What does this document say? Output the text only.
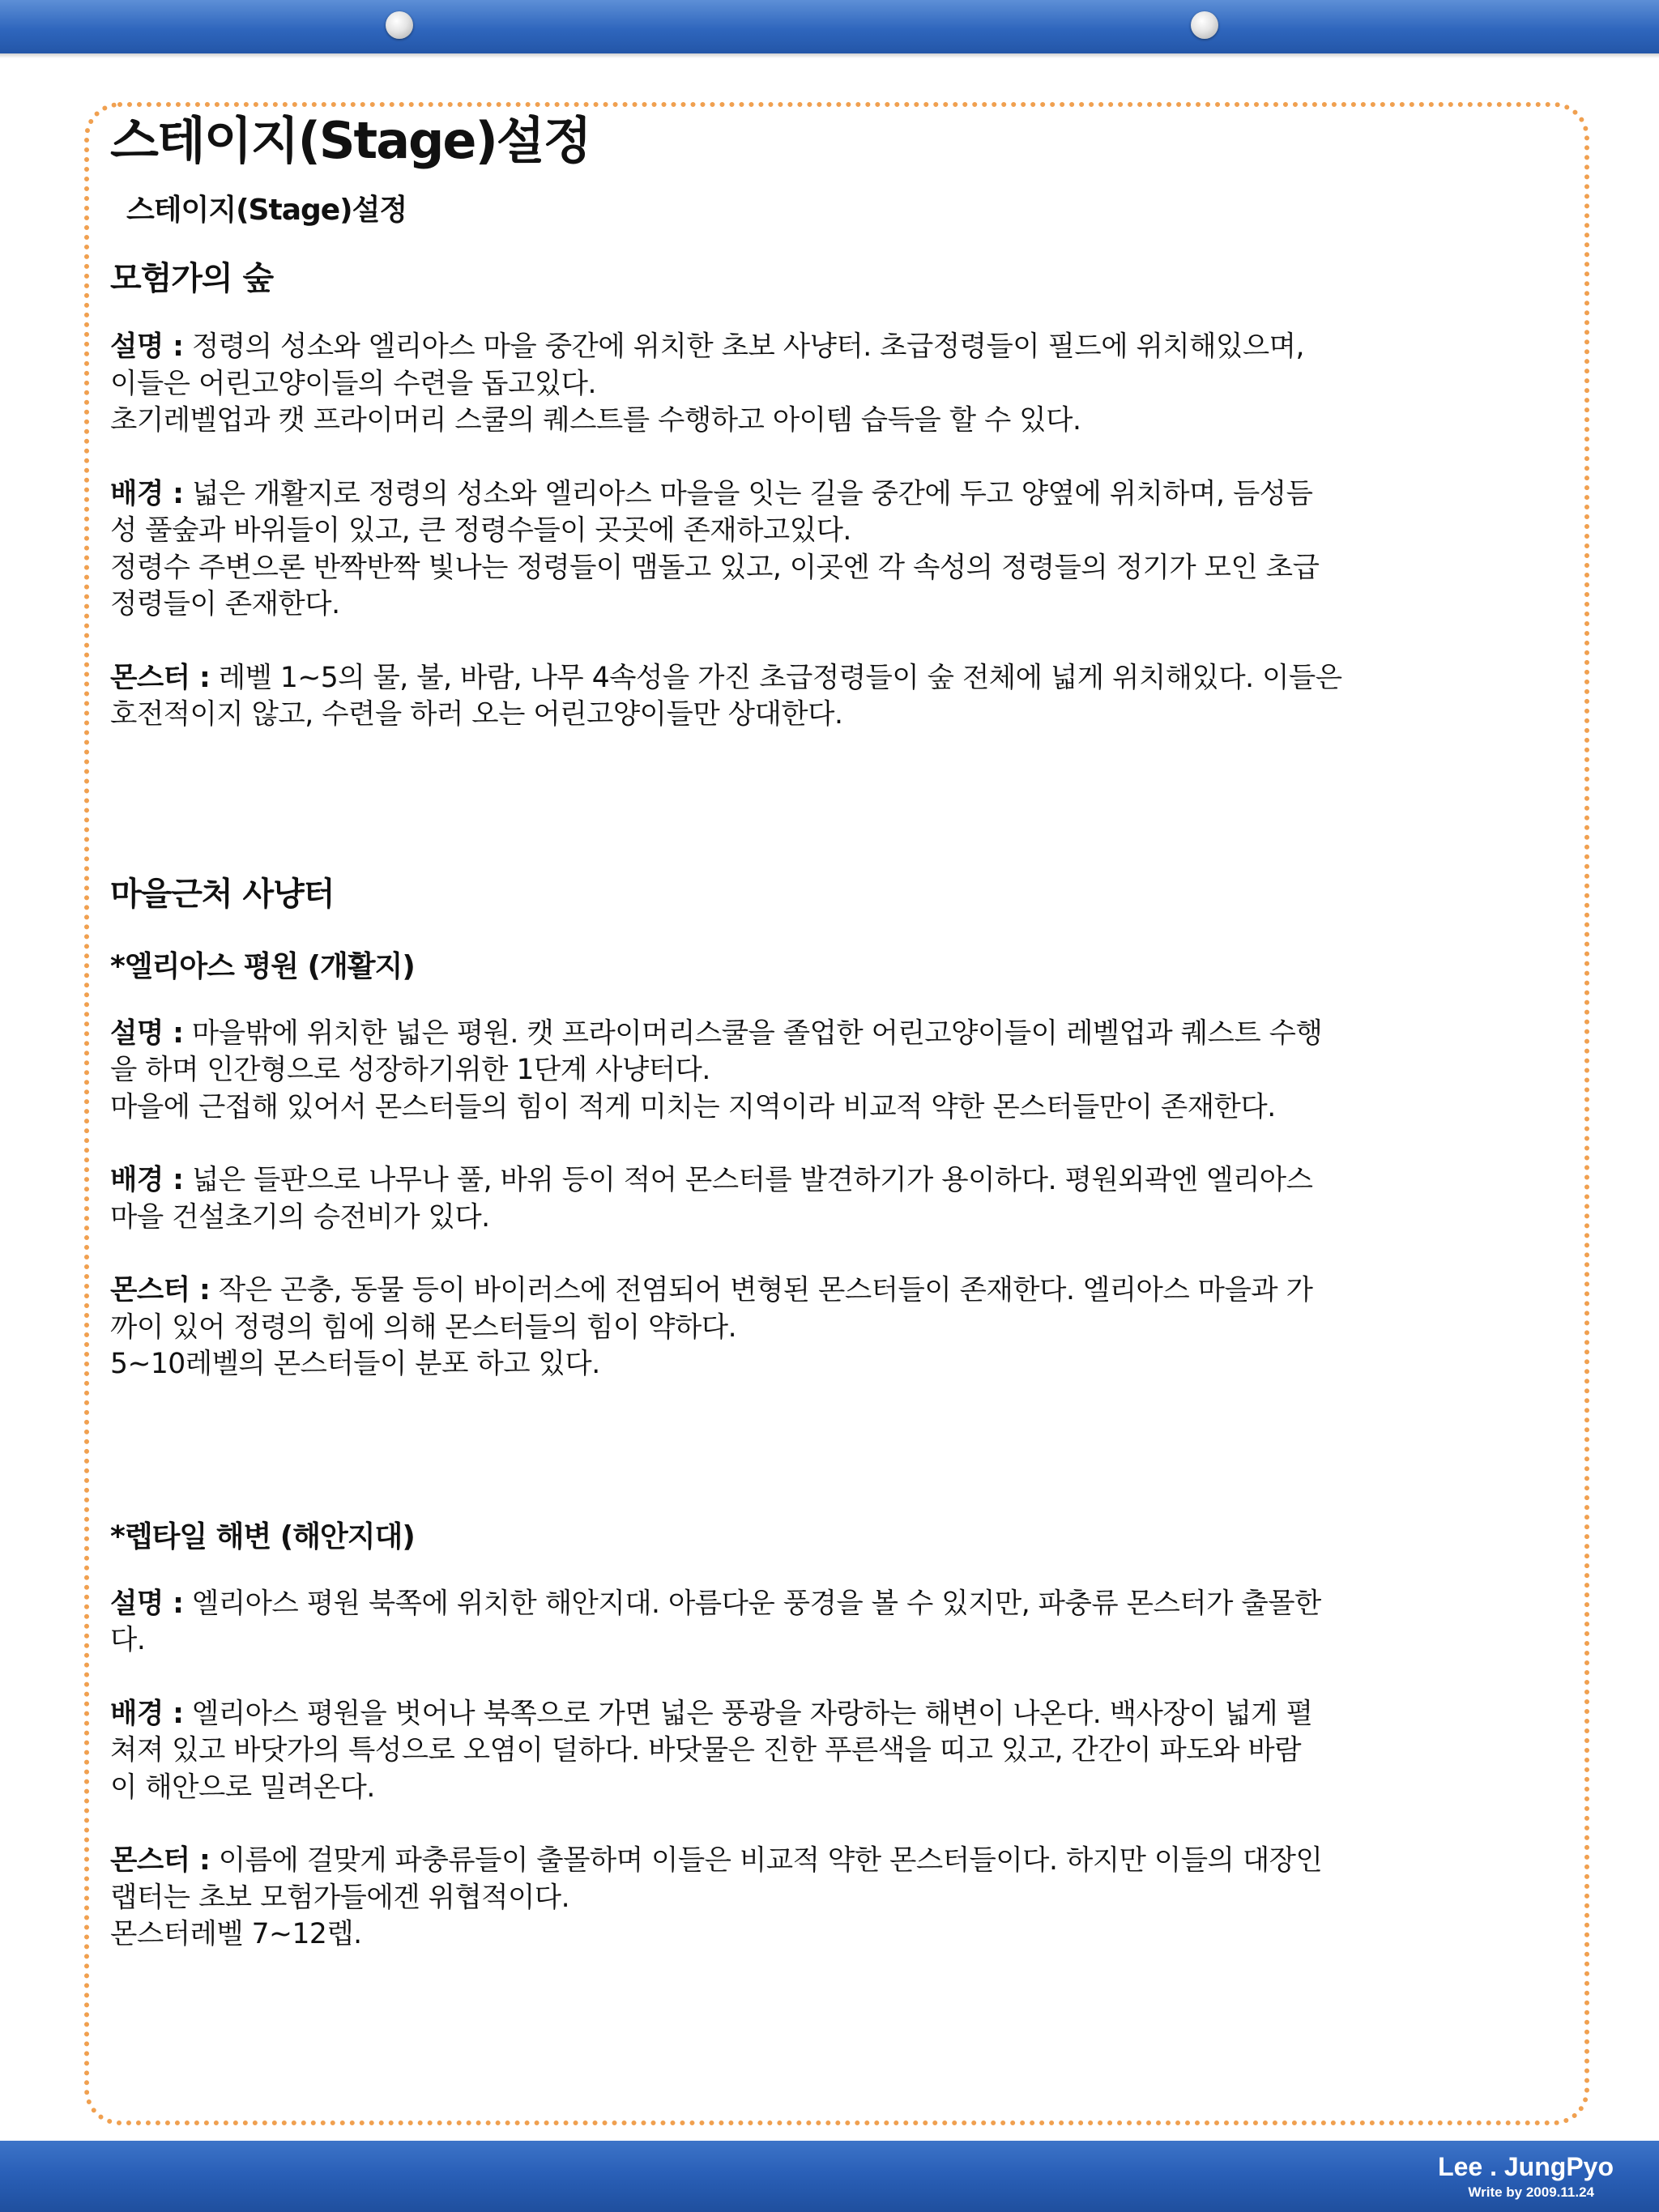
스테이지(Stage)설정
스테이지(Stage)설정
모험가의 숲

설명 : 정령의 성소와 엘리아스 마을 중간에 위치한 초보 사냥터. 초급정령들이 필드에 위치해있으며,
이들은 어린고양이들의 수련을 돕고있다.
초기레벨업과 캣 프라이머리 스쿨의 퀘스트를 수행하고 아이템 습득을 할 수 있다.

배경 : 넓은 개활지로 정령의 성소와 엘리아스 마을을 잇는 길을 중간에 두고 양옆에 위치하며, 듬성듬
성 풀숲과 바위들이 있고, 큰 정령수들이 곳곳에 존재하고있다.
정령수 주변으론 반짝반짝 빛나는 정령들이 맴돌고 있고, 이곳엔 각 속성의 정령들의 정기가 모인 초급
정령들이 존재한다.

몬스터 : 레벨 1~5의 물, 불, 바람, 나무 4속성을 가진 초급정령들이 숲 전체에 넓게 위치해있다. 이들은
호전적이지 않고, 수련을 하러 오는 어린고양이들만 상대한다.

마을근처 사냥터
*엘리아스 평원 (개활지)

설명 : 마을밖에 위치한 넓은 평원. 캣 프라이머리스쿨을 졸업한 어린고양이들이 레벨업과 퀘스트 수행
을 하며 인간형으로 성장하기위한 1단계 사냥터다.
마을에 근접해 있어서 몬스터들의 힘이 적게 미치는 지역이라 비교적 약한 몬스터들만이 존재한다.

배경 : 넓은 들판으로 나무나 풀, 바위 등이 적어 몬스터를 발견하기가 용이하다. 평원외곽엔 엘리아스
마을 건설초기의 승전비가 있다.

몬스터 : 작은 곤충, 동물 등이 바이러스에 전염되어 변형된 몬스터들이 존재한다. 엘리아스 마을과 가
까이 있어 정령의 힘에 의해 몬스터들의 힘이 약하다.
5~10레벨의 몬스터들이 분포 하고 있다.

*렙타일 해변 (해안지대)

설명 : 엘리아스 평원 북쪽에 위치한 해안지대. 아름다운 풍경을 볼 수 있지만, 파충류 몬스터가 출몰한
다.

배경 : 엘리아스 평원을 벗어나 북쪽으로 가면 넓은 풍광을 자랑하는 해변이 나온다. 백사장이 넓게 펼
쳐져 있고 바닷가의 특성으로 오염이 덜하다. 바닷물은 진한 푸른색을 띠고 있고, 간간이 파도와 바람
이 해안으로 밀려온다.

몬스터 : 이름에 걸맞게 파충류들이 출몰하며 이들은 비교적 약한 몬스터들이다. 하지만 이들의 대장인
랩터는 초보 모험가들에겐 위협적이다.
몬스터레벨 7~12렙.

Lee . JungPyo
Write by 2009.11.24
